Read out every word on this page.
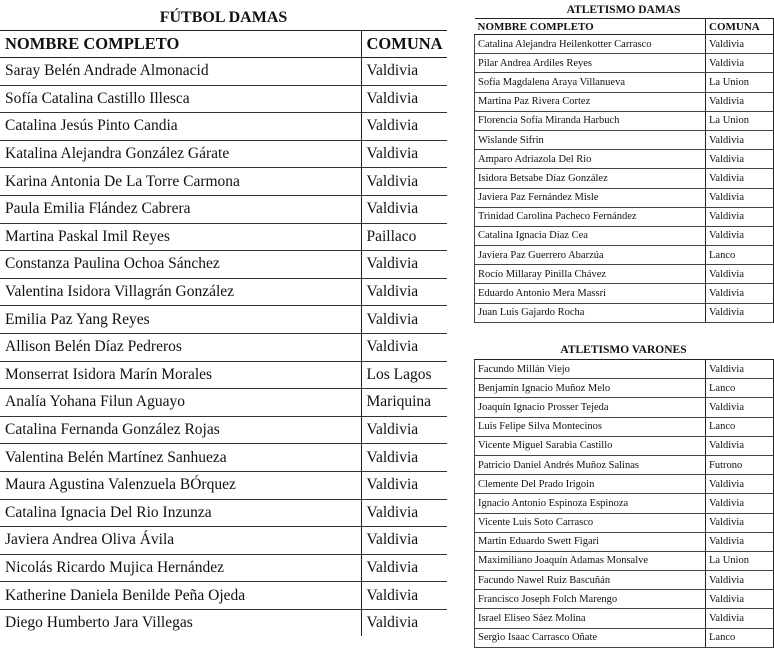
FÚTBOL DAMAS
NOMBRE COMPLETO	COMUNA
Saray Belén Andrade Almonacid	Valdivia
Sofía Catalina Castillo Illesca	Valdivia
Catalina Jesús Pinto Candia	Valdivia
Katalina Alejandra González Gárate	Valdivia
Karina Antonia De La Torre Carmona	Valdivia
Paula Emilia Flández Cabrera	Valdivia
Martina Paskal Imil Reyes	Paillaco
Constanza Paulina Ochoa Sánchez	Valdivia
Valentina Isidora Villagrán González	Valdivia
Emilia Paz Yang Reyes	Valdivia
Allison Belén Díaz Pedreros	Valdivia
Monserrat Isidora Marín Morales	Los Lagos
Analía Yohana Filun Aguayo	Mariquina
Catalina Fernanda González Rojas	Valdivia
Valentina Belén Martínez Sanhueza	Valdivia
Maura Agustina Valenzuela BÓrquez	Valdivia
Catalina Ignacia Del Rio Inzunza	Valdivia
Javiera Andrea Oliva Ávila	Valdivia
Nicolás Ricardo Mujica Hernández	Valdivia
Katherine Daniela Benilde Peña Ojeda	Valdivia
Diego Humberto Jara Villegas	Valdivia
ATLETISMO DAMAS
NOMBRE COMPLETO	COMUNA
Catalina Alejandra Heilenkotter Carrasco	Valdivia
Pilar Andrea Ardiles Reyes	Valdivia
Sofía Magdalena Araya Villanueva	La Union
Martina Paz Rivera Cortez	Valdivia
Florencia Sofía Miranda Harbuch	La Union
Wislande Sifrin	Valdivia
Amparo Adriazola Del Rio	Valdivia
Isidora Betsabe Díaz González	Valdivia
Javiera Paz Fernández Misle	Valdivia
Trinidad Carolina Pacheco Fernández	Valdivia
Catalina Ignacia Díaz Cea	Valdivia
Javiera Paz Guerrero Abarzúa	Lanco
Rocío Millaray Pinilla Chávez	Valdivia
Eduardo Antonio Mera Massri	Valdivia
Juan Luis Gajardo Rocha	Valdivia
ATLETISMO VARONES
Facundo Millán Viejo	Valdivia
Benjamín Ignacio Muñoz Melo	Lanco
Joaquín Ignacio Prosser Tejeda	Valdivia
Luis Felipe Silva Montecinos	Lanco
Vicente Miguel Sarabia Castillo	Valdivia
Patricio Daniel Andrés Muñoz Salinas	Futrono
Clemente Del Prado Irigoin	Valdivia
Ignacio Antonio Espinoza Espinoza	Valdivia
Vicente Luis Soto Carrasco	Valdivia
Martin Eduardo Swett Figari	Valdivia
Maximiliano Joaquín Adamas Monsalve	La Union
Facundo Nawel Ruiz Bascuñán	Valdivia
Francisco Joseph Folch Marengo	Valdivia
Israel Eliseo Sáez Molina	Valdivia
Sergio Isaac Carrasco Oñate	Lanco
